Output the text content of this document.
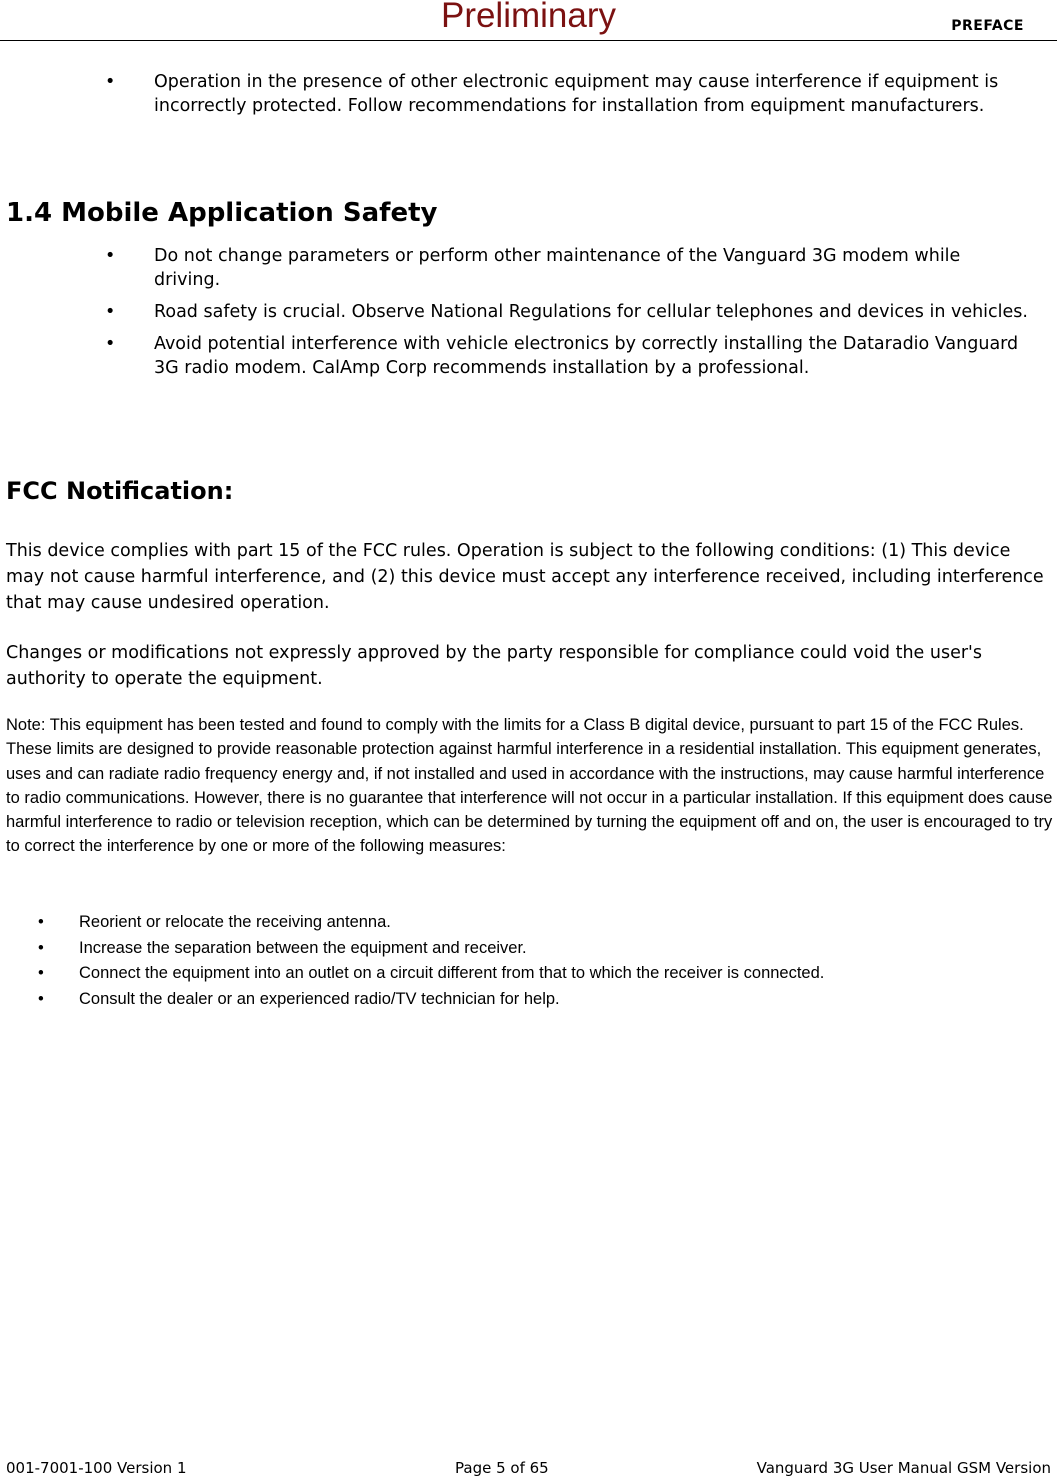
Preliminary	PREFACE
• Operation in the presence of other electronic equipment may cause interference if equipment is incorrectly protected. Follow recommendations for installation from equipment manufacturers.
1.4 Mobile Application Safety
• Do not change parameters or perform other maintenance of the Vanguard 3G modem while driving.
• Road safety is crucial. Observe National Regulations for cellular telephones and devices in vehicles.
• Avoid potential interference with vehicle electronics by correctly installing the Dataradio Vanguard 3G radio modem. CalAmp Corp recommends installation by a professional.
FCC Notification:

This device complies with part 15 of the FCC rules. Operation is subject to the following conditions: (1) This device may not cause harmful interference, and (2) this device must accept any interference received, including interference that may cause undesired operation.

Changes or modifications not expressly approved by the party responsible for compliance could void the user's authority to operate the equipment.

Note: This equipment has been tested and found to comply with the limits for a Class B digital device, pursuant to part 15 of the FCC Rules. These limits are designed to provide reasonable protection against harmful interference in a residential installation. This equipment generates, uses and can radiate radio frequency energy and, if not installed and used in accordance with the instructions, may cause harmful interference to radio communications. However, there is no guarantee that interference will not occur in a particular installation. If this equipment does cause harmful interference to radio or television reception, which can be determined by turning the equipment off and on, the user is encouraged to try to correct the interference by one or more of the following measures:

• Reorient or relocate the receiving antenna.
• Increase the separation between the equipment and receiver.
• Connect the equipment into an outlet on a circuit different from that to which the receiver is connected.
• Consult the dealer or an experienced radio/TV technician for help.
001-7001-100 Version 1	Page 5 of 65	Vanguard 3G User Manual GSM Version
